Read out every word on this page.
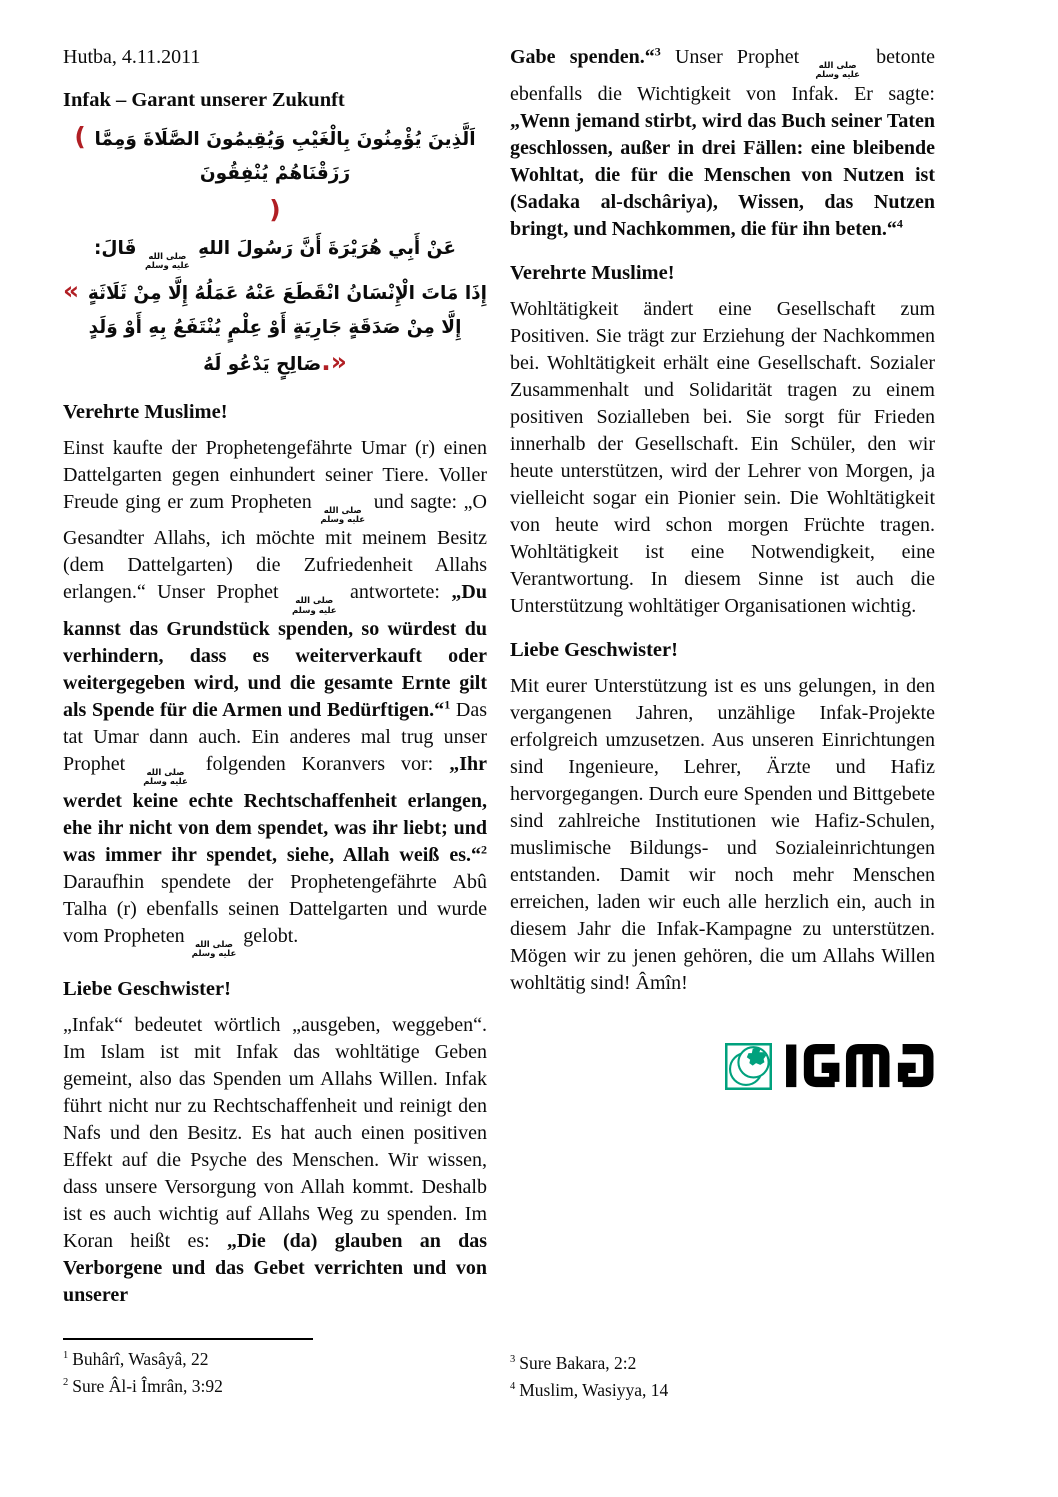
Hutba, 4.11.2011
Infak – Garant unserer Zukunft
( اَلَّذِينَ يُؤْمِنُونَ بِالْغَيْبِ وَيُقِيمُونَ الصَّلَاةَ وَمِمَّا رَزَقْنَاهُمْ يُنْفِقُونَ
)
عَنْ أَبِي هُرَيْرَةَ أَنَّ رَسُولَ اللهِ
صلى الله
عليه وسلم
قَالَ:
« إِذَا مَاتَ الْإِنْسَانُ انْقَطَعَ عَنْهُ عَمَلُهُ إِلَّا مِنْ ثَلَاثَةٍ إِلَّا مِنْ صَدَقَةٍ جَارِيَةٍ أَوْ عِلْمٍ يُنْتَفَعُ بِهِ أَوْ وَلَدٍ صَالِحٍ يَدْعُو لَهُ.»
Verehrte Muslime!
Einst kaufte der Prophetengefährte Umar (r) einen Dattelgarten gegen einhundert seiner Tiere. Voller Freude ging er zum Propheten صلى الله
عليه وسلم
und sagte: „O Gesandter Allahs, ich möchte mit meinem Besitz (dem Dattelgarten) die Zufriedenheit Allahs erlangen.“ Unser Prophet صلى الله
عليه وسلم
antwortete: „Du kannst das Grundstück spenden, so würdest du verhindern, dass es weiterverkauft oder weitergegeben wird, und die gesamte Ernte gilt als Spende für die Armen und Bedürftigen.“$^1$ Das tat Umar dann auch. Ein anderes mal trug unser Prophet صلى الله
عليه وسلم
folgenden Koranvers vor: „Ihr werdet keine echte Rechtschaffenheit erlangen, ehe ihr nicht von dem spendet, was ihr liebt; und was immer ihr spendet, siehe, Allah weiß es.“$^2$ Daraufhin spendete der Prophetengefährte Abû Talha (r) ebenfalls seinen Dattelgarten und wurde vom Propheten صلى الله
عليه وسلم
gelobt.
Liebe Geschwister!
„Infak“ bedeutet wörtlich „ausgeben, weggeben“. Im Islam ist mit Infak das wohltätige Geben gemeint, also das Spenden um Allahs Willen. Infak führt nicht nur zu Rechtschaffenheit und reinigt den Nafs und den Besitz. Es hat auch einen positiven Effekt auf die Psyche des Menschen. Wir wissen, dass unsere Versorgung von Allah kommt. Deshalb ist es auch wichtig auf Allahs Weg zu spenden. Im Koran heißt es: „Die (da) glauben an das Verborgene und das Gebet verrichten und von unserer
Gabe spenden.“$^3$ Unser Prophet صلى الله
عليه وسلم
betonte ebenfalls die Wichtigkeit von Infak. Er sagte: „Wenn jemand stirbt, wird das Buch seiner Taten geschlossen, außer in drei Fällen: eine bleibende Wohltat, die für die Menschen von Nutzen ist (Sadaka al-dschâriya), Wissen, das Nutzen bringt, und Nachkommen, die für ihn beten.“$^4$
Verehrte Muslime!
Wohltätigkeit ändert eine Gesellschaft zum Positiven. Sie trägt zur Erziehung der Nachkommen bei. Wohltätigkeit erhält eine Gesellschaft. Sozialer Zusammenhalt und Solidarität tragen zu einem positiven Sozialleben bei. Sie sorgt für Frieden innerhalb der Gesellschaft. Ein Schüler, den wir heute unterstützen, wird der Lehrer von Morgen, ja vielleicht sogar ein Pionier sein. Die Wohltätigkeit von heute wird schon morgen Früchte tragen. Wohltätigkeit ist eine Notwendigkeit, eine Verantwortung. In diesem Sinne ist auch die Unterstützung wohltätiger Organisationen wichtig.
Liebe Geschwister!
Mit eurer Unterstützung ist es uns gelungen, in den vergangenen Jahren, unzählige Infak-Projekte erfolgreich umzusetzen. Aus unseren Einrichtungen sind Ingenieure, Lehrer, Ärzte und Hafiz hervorgegangen. Durch eure Spenden und Bittgebete sind zahlreiche Institutionen wie Hafiz-Schulen, muslimische Bildungs- und Sozialeinrichtungen entstanden. Damit wir noch mehr Menschen erreichen, laden wir euch alle herzlich ein, auch in diesem Jahr die Infak-Kampagne zu unterstützen. Mögen wir zu jenen gehören, die um Allahs Willen wohltätig sind! Âmîn!
$^1$ Buhârî, Wasâyâ, 22
$^2$ Sure Âl-i Îmrân, 3:92
$^3$ Sure Bakara, 2:2
$^4$ Muslim, Wasiyya, 14
